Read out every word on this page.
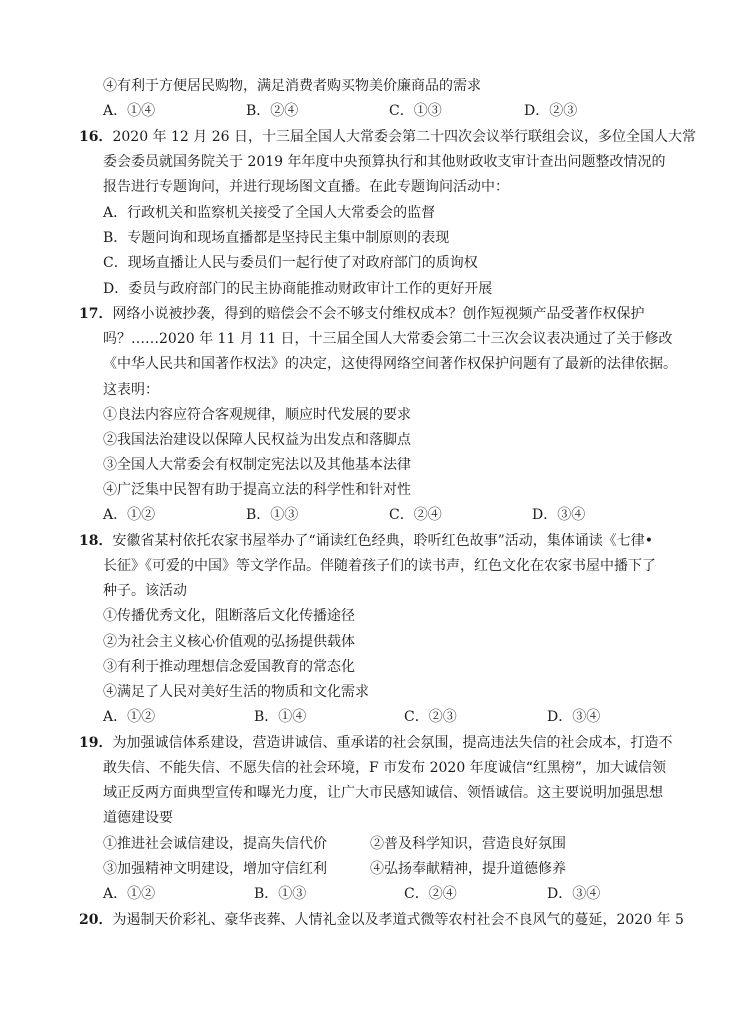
④有利于方便居民购物，满足消费者购买物美价廉商品的需求
A．①④	B．②④	C．①③	D．②③
16．2020 年 12 月 26 日，十三届全国人大常委会第二十四次会议举行联组会议，多位全国人大常
委会委员就国务院关于 2019 年年度中央预算执行和其他财政收支审计查出问题整改情况的
报告进行专题询问，并进行现场图文直播。在此专题询问活动中：
A．行政机关和监察机关接受了全国人大常委会的监督
B．专题问询和现场直播都是坚持民主集中制原则的表现
C．现场直播让人民与委员们一起行使了对政府部门的质询权
D．委员与政府部门的民主协商能推动财政审计工作的更好开展
17．网络小说被抄袭，得到的赔偿会不会不够支付维权成本？创作短视频产品受著作权保护
吗？……2020 年 11 月 11 日，十三届全国人大常委会第二十三次会议表决通过了关于修改
《中华人民共和国著作权法》的决定，这使得网络空间著作权保护问题有了最新的法律依据。
这表明：
①良法内容应符合客观规律，顺应时代发展的要求
②我国法治建设以保障人民权益为出发点和落脚点
③全国人大常委会有权制定宪法以及其他基本法律
④广泛集中民智有助于提高立法的科学性和针对性
A．①②	B．①③	C．②④	D．③④
18．安徽省某村依托农家书屋举办了“诵读红色经典，聆听红色故事”活动，集体诵读《七律•
长征》《可爱的中国》等文学作品。伴随着孩子们的读书声，红色文化在农家书屋中播下了
种子。该活动
①传播优秀文化，阻断落后文化传播途径
②为社会主义核心价值观的弘扬提供载体
③有利于推动理想信念爱国教育的常态化
④满足了人民对美好生活的物质和文化需求
A．①②	B．①④	C．②③	D．③④
19．为加强诚信体系建设，营造讲诚信、重承诺的社会氛围，提高违法失信的社会成本，打造不
敢失信、不能失信、不愿失信的社会环境，F 市发布 2020 年度诚信“红黑榜”，加大诚信领
域正反两方面典型宣传和曝光力度，让广大市民感知诚信、领悟诚信。这主要说明加强思想
道德建设要
①推进社会诚信建设，提高失信代价	②普及科学知识，营造良好氛围
③加强精神文明建设，增加守信红利	④弘扬奉献精神，提升道德修养
A．①②	B．①③	C．②④	D．③④
20．为遏制天价彩礼、豪华丧葬、人情礼金以及孝道式微等农村社会不良风气的蔓延，2020 年 5
